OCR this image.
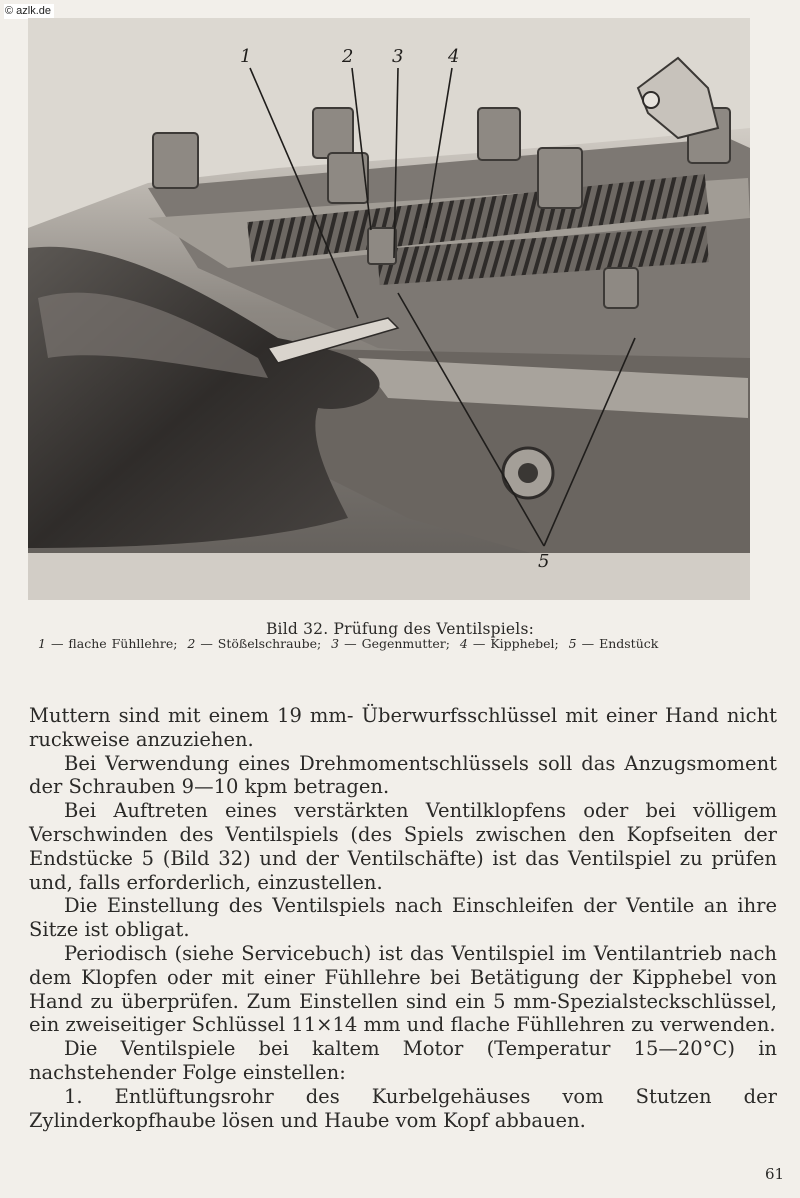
© azlk.de
1	2 3 4
5
Bild 32. Prüfung des Ventilspiels:
1 — flache Fühllehre; 2 — Stößelschraube; 3 — Gegenmutter; 4 — Kipphebel; 5 — Endstück

Muttern sind mit einem 19 mm- Überwurfsschlüssel mit einer Hand nicht ruckweise anzuziehen.

Bei Verwendung eines Drehmomentschlüssels soll das Anzugsmoment der Schrauben 9—10 kpm betragen.

Bei Auftreten eines verstärkten Ventilklopfens oder bei völligem Verschwinden des Ventilspiels (des Spiels zwischen den Kopfseiten der Endstücke 5 (Bild 32) und der Ventilschäfte) ist das Ventilspiel zu prüfen und, falls erforderlich, einzustellen.

Die Einstellung des Ventilspiels nach Einschleifen der Ventile an ihre Sitze ist obligat.

Periodisch (siehe Servicebuch) ist das Ventilspiel im Ventilantrieb nach dem Klopfen oder mit einer Fühllehre bei Betätigung der Kipphebel von Hand zu überprüfen. Zum Einstellen sind ein 5 mm-Spezialsteckschlüssel, ein zweiseitiger Schlüssel 11×14 mm und flache Fühllehren zu verwenden.

Die Ventilspiele bei kaltem Motor (Temperatur 15—20°C) in nachstehender Folge einstellen:

1. Entlüftungsrohr des Kurbelgehäuses vom Stutzen der Zylinderkopfhaube lösen und Haube vom Kopf abbauen.

61
